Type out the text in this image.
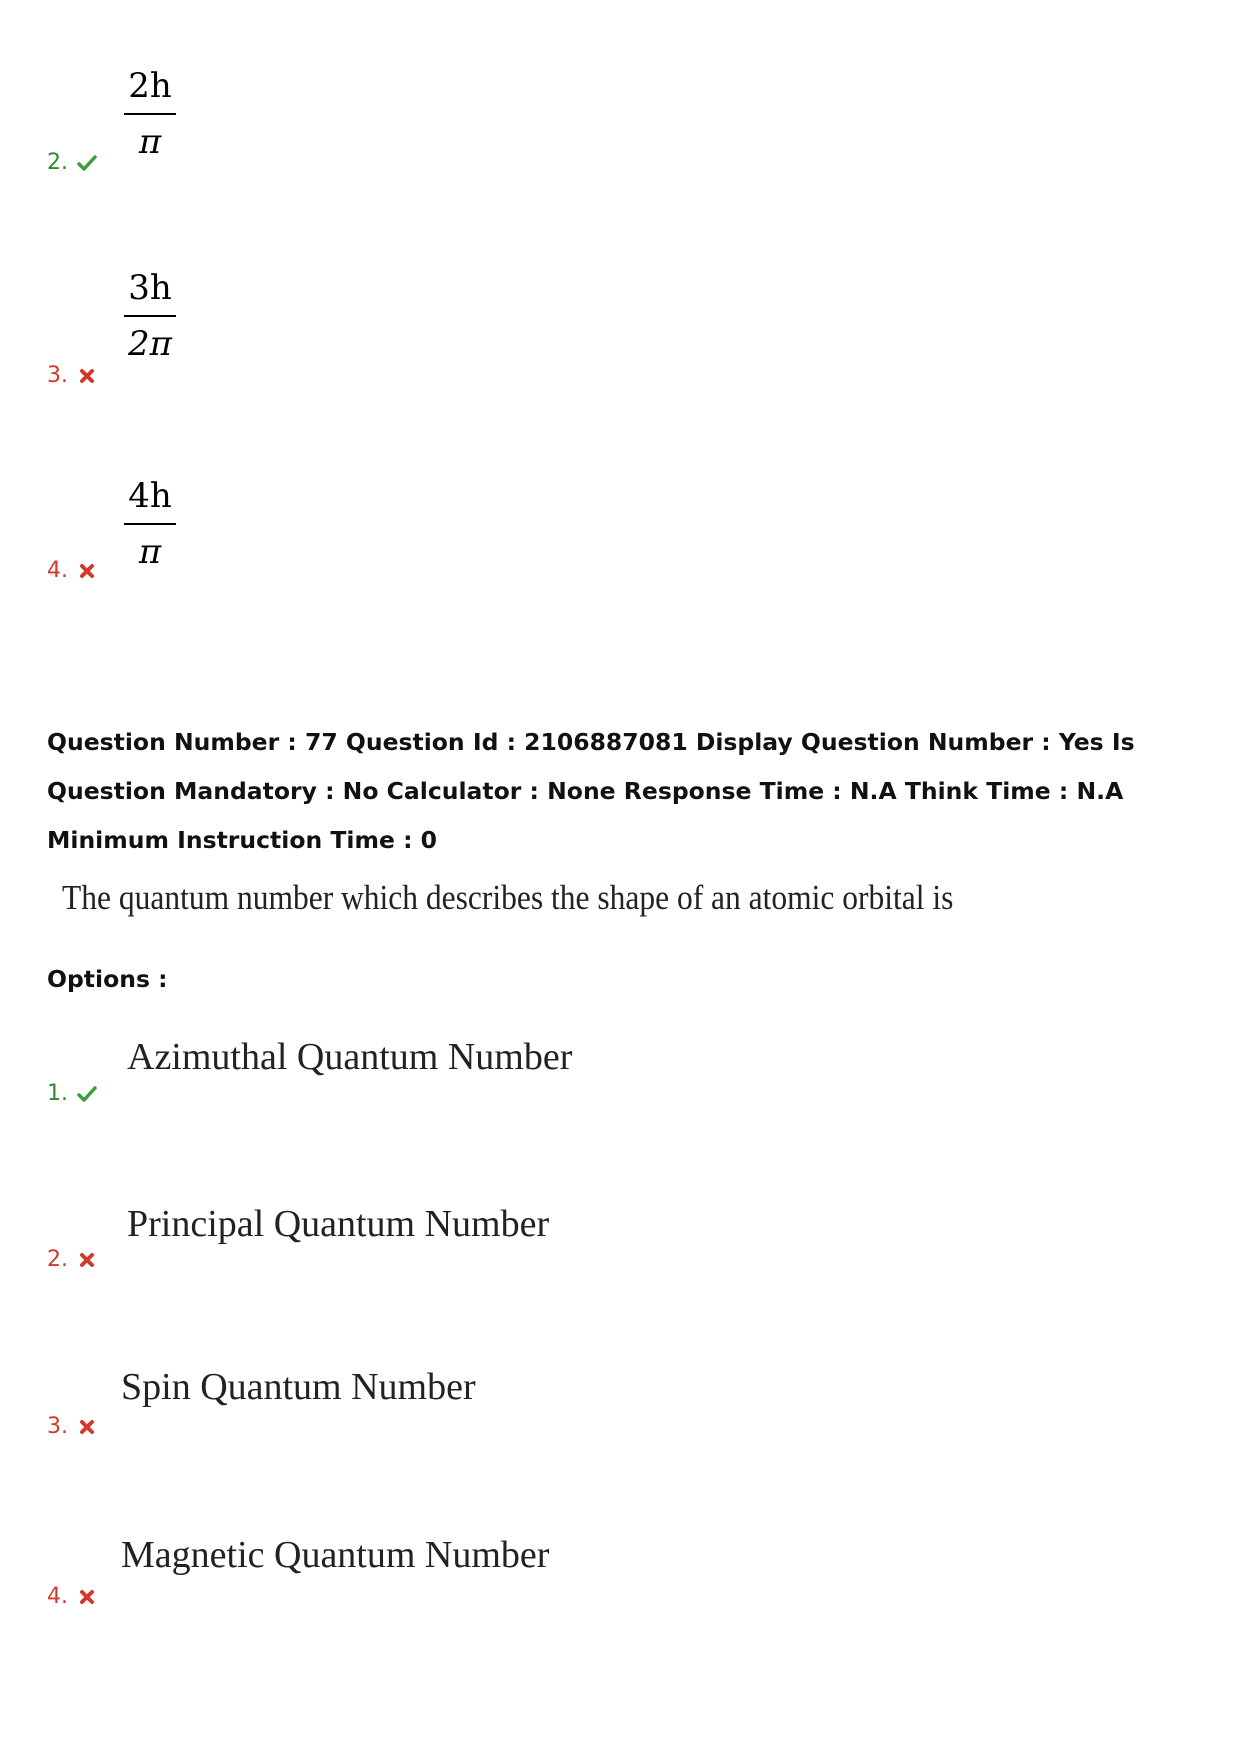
2h
π
2.
3h
2π
3.
4h
π
4.
Question Number : 77 Question Id : 2106887081 Display Question Number : Yes Is Question Mandatory : No Calculator : None Response Time : N.A Think Time : N.A Minimum Instruction Time : 0
The quantum number which describes the shape of an atomic orbital is
Options :
Azimuthal Quantum Number
1.
Principal Quantum Number
2.
Spin Quantum Number
3.
Magnetic Quantum Number
4.
